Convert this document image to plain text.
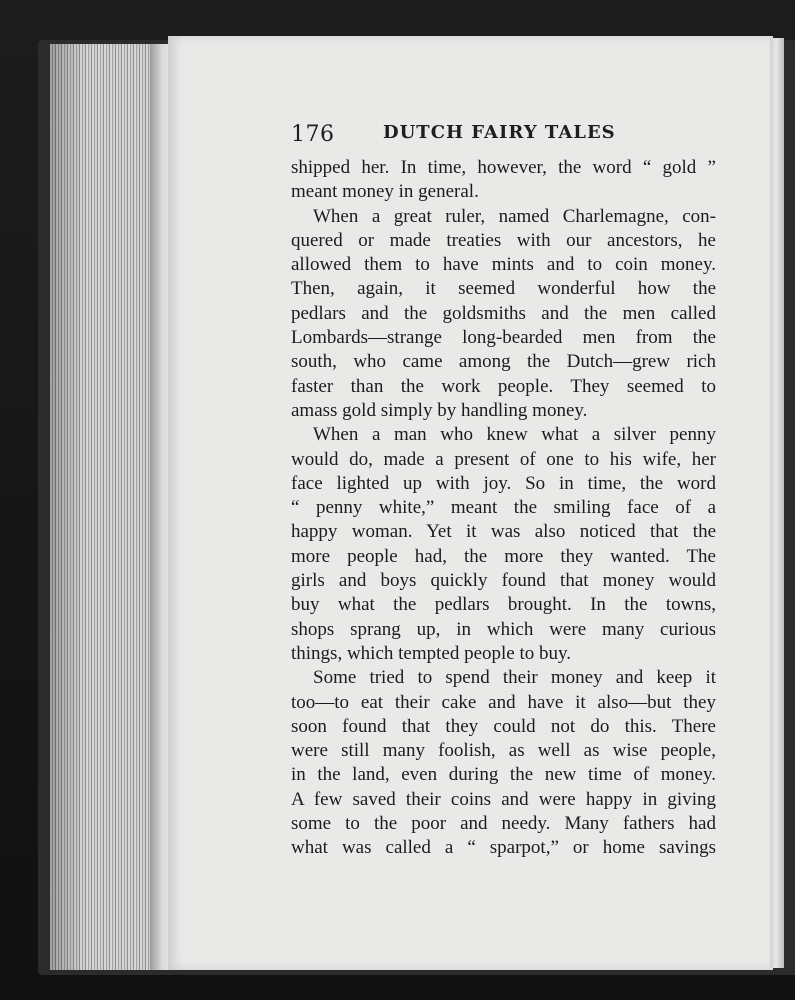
176	DUTCH FAIRY TALES
shipped her. In time, however, the word “ gold ”
meant money in general.
When a great ruler, named Charlemagne, con-
quered or made treaties with our ancestors, he
allowed them to have mints and to coin money.
Then, again, it seemed wonderful how the
pedlars and the goldsmiths and the men called
Lombards—strange long-bearded men from the
south, who came among the Dutch—grew rich
faster than the work people. They seemed to
amass gold simply by handling money.
When a man who knew what a silver penny
would do, made a present of one to his wife, her
face lighted up with joy. So in time, the word
“ penny white,” meant the smiling face of a
happy woman. Yet it was also noticed that the
more people had, the more they wanted. The
girls and boys quickly found that money would
buy what the pedlars brought. In the towns,
shops sprang up, in which were many curious
things, which tempted people to buy.
Some tried to spend their money and keep it
too—to eat their cake and have it also—but they
soon found that they could not do this. There
were still many foolish, as well as wise people,
in the land, even during the new time of money.
A few saved their coins and were happy in giving
some to the poor and needy. Many fathers had
what was called a “ sparpot,” or home savings
